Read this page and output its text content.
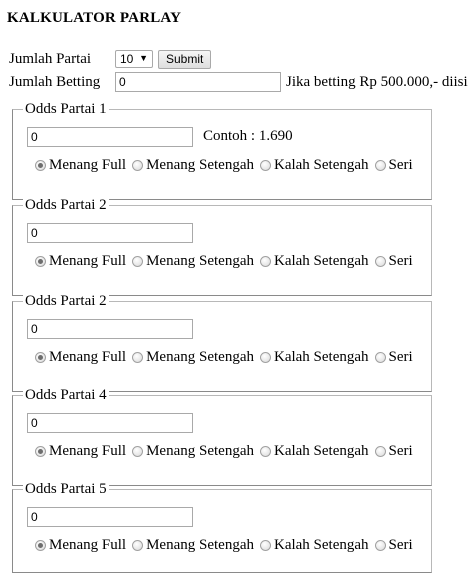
KALKULATOR PARLAY
Jumlah Partai	10 ▼	Submit
Jumlah Betting	0	Jika betting Rp 500.000,- diisi
Odds Partai 1
0	Contoh : 1.690
Menang Full Menang Setengah Kalah Setengah Seri
Odds Partai 2
0
Menang Full Menang Setengah Kalah Setengah Seri
Odds Partai 2
0
Menang Full Menang Setengah Kalah Setengah Seri
Odds Partai 4
0
Menang Full Menang Setengah Kalah Setengah Seri
Odds Partai 5
0
Menang Full Menang Setengah Kalah Setengah Seri
